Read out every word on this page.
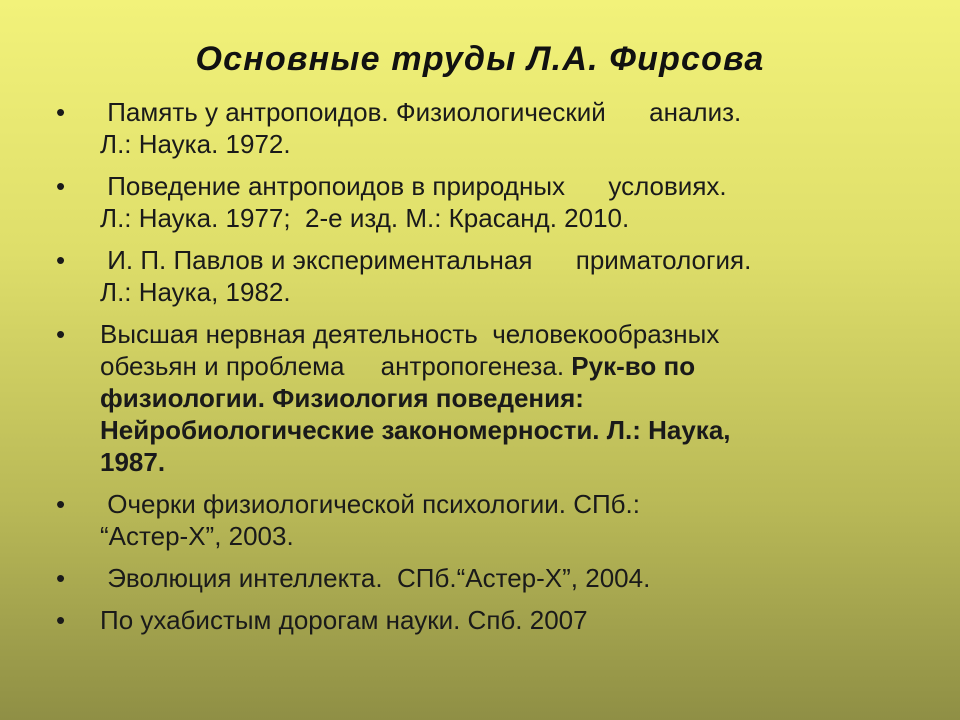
Основные труды Л.А. Фирсова
• Память у антропоидов. Физиологический      анализ.
Л.: Наука. 1972.
• Поведение антропоидов в природных      условиях.
Л.: Наука. 1977;  2-е изд. М.: Красанд. 2010.
• И. П. Павлов и экспериментальная      приматология.
Л.: Наука, 1982.
• Высшая нервная деятельность  человекообразных
обезьян и проблема     антропогенеза. Рук-во по
физиологии. Физиология поведения:
Нейробиологические закономерности. Л.: Наука,
1987.
• Очерки физиологической психологии. СПб.:
“Астер-Х”, 2003.
• Эволюция интеллекта.  СПб.“Астер-Х”, 2004.
• По ухабистым дорогам науки. Спб. 2007
